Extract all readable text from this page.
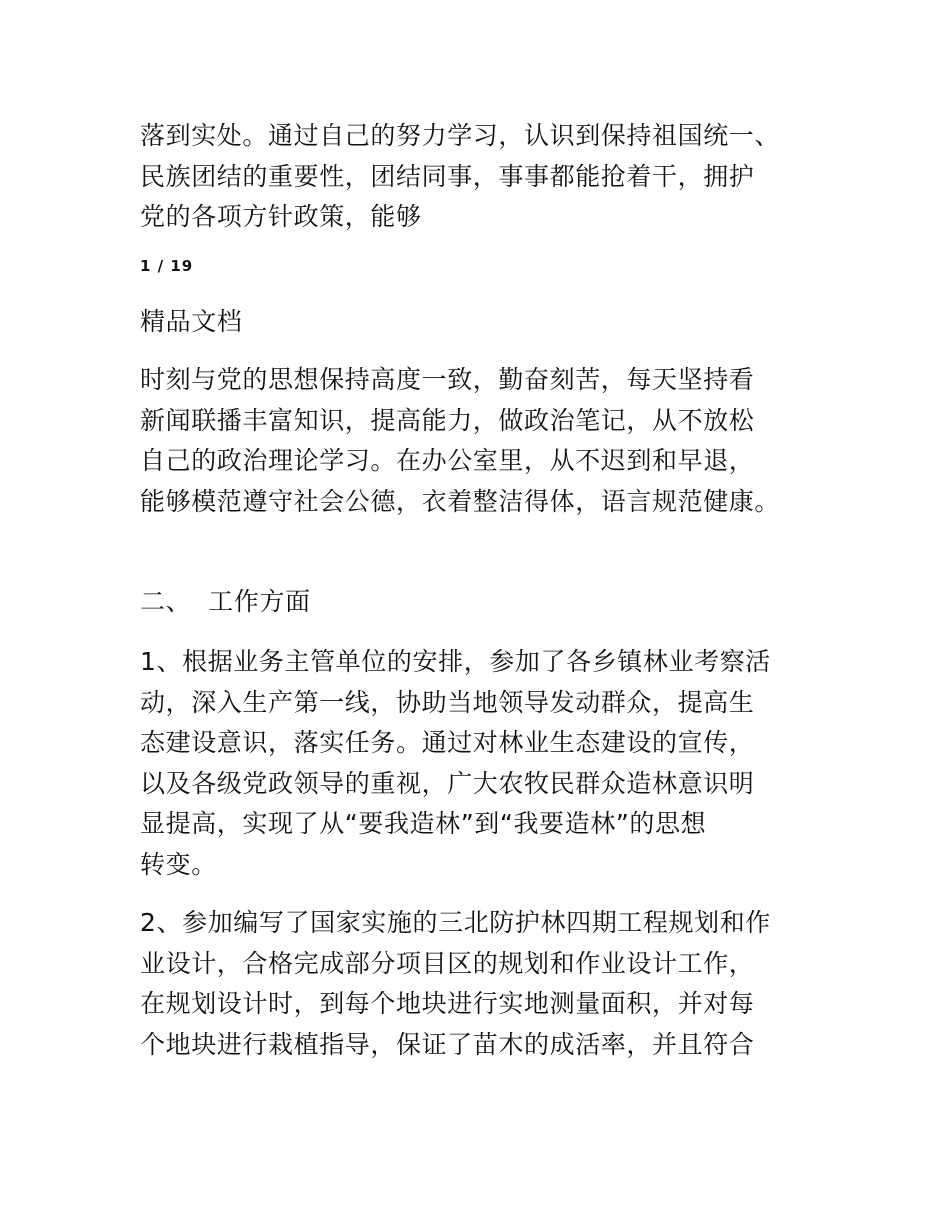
落到实处。通过自己的努力学习，认识到保持祖国统一、
民族团结的重要性，团结同事，事事都能抢着干，拥护
党的各项方针政策，能够
1 / 19
精品文档
时刻与党的思想保持高度一致，勤奋刻苦，每天坚持看
新闻联播丰富知识，提高能力，做政治笔记，从不放松
自己的政治理论学习。在办公室里，从不迟到和早退，
能够模范遵守社会公德，衣着整洁得体，语言规范健康。
二、  工作方面
1、根据业务主管单位的安排，参加了各乡镇林业考察活
动，深入生产第一线，协助当地领导发动群众，提高生
态建设意识，落实任务。通过对林业生态建设的宣传，
以及各级党政领导的重视，广大农牧民群众造林意识明
显提高，实现了从“要我造林”到“我要造林”的思想
转变。
2、参加编写了国家实施的三北防护林四期工程规划和作
业设计，合格完成部分项目区的规划和作业设计工作，
在规划设计时，到每个地块进行实地测量面积，并对每
个地块进行栽植指导，保证了苗木的成活率，并且符合
